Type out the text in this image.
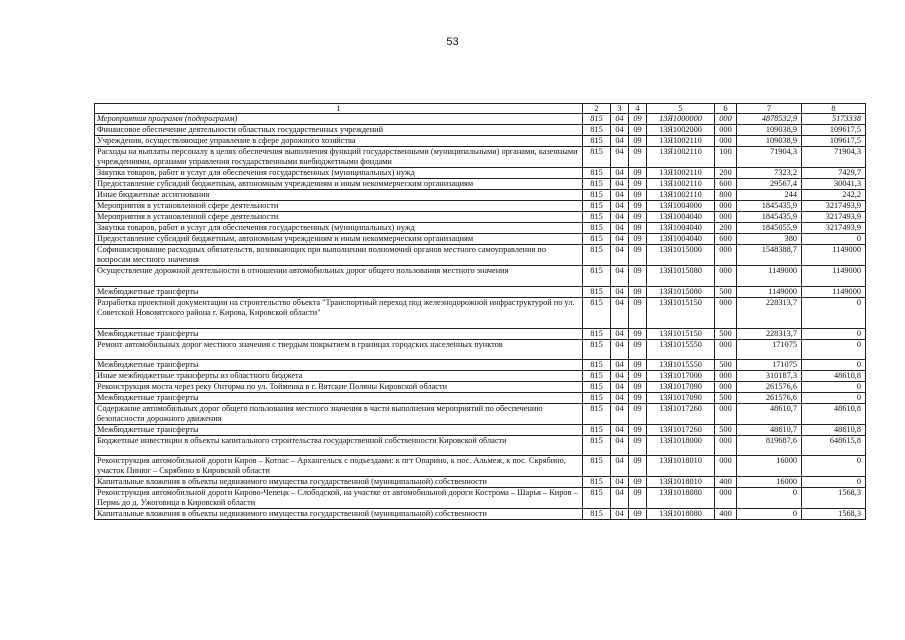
53
1	2	3	4	5	6	7	8
Мероприятия программ (подпрограмм)	815	04	09	13Я1000000	000	4878532,9	5173338
Финансовое обеспечение деятельности областных государственных учреждений	815	04	09	13Я1002000	000	109038,9	109617,5
Учреждения, осуществляющие управление в сфере дорожного хозяйства	815	04	09	13Я1002110	000	109038,9	109617,5
Расходы на выплаты персоналу в целях обеспечения выполнения функций государственными (муниципальными) органами, казенными учреждениями, органами управления государственными внебюджетными фондами	815	04	09	13Я1002110	100	71904,3	71904,3
Закупка товаров, работ и услуг для обеспечения государственных (муниципальных) нужд	815	04	09	13Я1002110	200	7323,2	7429,7
Предоставление субсидий бюджетным, автономным учреждениям и иным некоммерческим организациям	815	04	09	13Я1002110	600	29567,4	30041,3
Иные бюджетные ассигнования	815	04	09	13Я1002110	800	244	242,2
Мероприятия в установленной сфере деятельности	815	04	09	13Я1004000	000	1845435,9	3217493,9
Мероприятия в установленной сфере деятельности	815	04	09	13Я1004040	000	1845435,9	3217493,9
Закупка товаров, работ и услуг для обеспечения государственных (муниципальных) нужд	815	04	09	13Я1004040	200	1845055,9	3217493,9
Предоставление субсидий бюджетным, автономным учреждениям и иным некоммерческим организациям	815	04	09	13Я1004040	600	380	0
Софинансирование расходных обязательств, возникающих при выполнении полномочий органов местного самоуправления по вопросам местного значения	815	04	09	13Я1015000	000	1548388,7	1149000
Осуществление дорожной деятельности в отношении автомобильных дорог общего пользования местного значения	815	04	09	13Я1015080	000	1149000	1149000
Межбюджетные трансферты	815	04	09	13Я1015080	500	1149000	1149000
Разработка проектной документации на строительство объекта "Транспортный переход под железнодорожной инфраструктурой по ул. Советской Нововятского района г. Кирова, Кировской области"	815	04	09	13Я1015150	000	228313,7	0
Межбюджетные трансферты	815	04	09	13Я1015150	500	228313,7	0
Ремонт автомобильных дорог местного значения с твердым покрытием в границах городских населенных пунктов	815	04	09	13Я1015550	000	171075	0
Межбюджетные трансферты	815	04	09	13Я1015550	500	171075	0
Иные межбюджетные трансферты из областного бюджета	815	04	09	13Я1017000	000	310187,3	48610,8
Реконструкция моста через реку Онторма по ул. Тойменка в г. Вятские Поляны Кировской области	815	04	09	13Я1017090	000	261576,6	0
Межбюджетные трансферты	815	04	09	13Я1017090	500	261576,6	0
Содержание автомобильных дорог общего пользования местного значения в части выполнения мероприятий по обеспечению безопасности дорожного движения	815	04	09	13Я1017260	000	48610,7	48610,8
Межбюджетные трансферты	815	04	09	13Я1017260	500	48610,7	48610,8
Бюджетные инвестиции в объекты капитального строительства государственной собственности Кировской области	815	04	09	13Я1018000	000	819687,6	648615,8
Реконструкция автомобильной дороги Киров – Котлас – Архангельск с подъездами: к пгт Опарино, к пос. Альмеж, к пос. Скрябино, участок Пинюг – Скрябино в Кировской области	815	04	09	13Я1018010	000	16000	0
Капитальные вложения в объекты недвижимого имущества государственной (муниципальной) собственности	815	04	09	13Я1018010	400	16000	0
Реконструкция автомобильной дороги Кирово-Чепецк – Слободской, на участке от автомобильной дороги Кострома – Шарья – Киров – Пермь до д. Ужоговица в Кировской области	815	04	09	13Я1018080	000	0	1568,3
Капитальные вложения в объекты недвижимого имущества государственной (муниципальной) собственности	815	04	09	13Я1018080	400	0	1568,3
